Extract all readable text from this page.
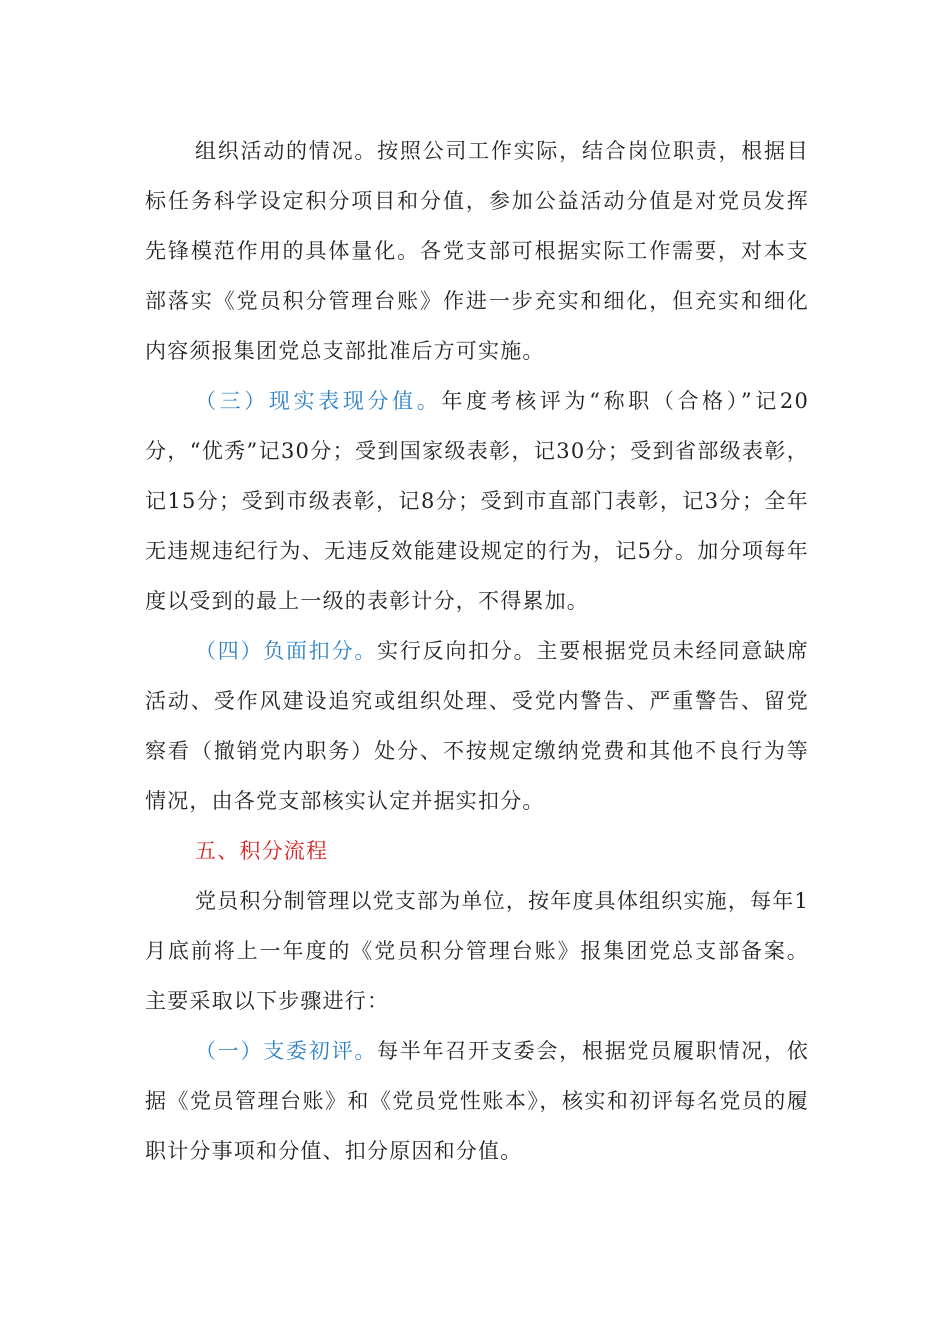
组织活动的情况。按照公司工作实际，结合岗位职责，根据目标任务科学设定积分项目和分值，参加公益活动分值是对党员发挥先锋模范作用的具体量化。各党支部可根据实际工作需要，对本支部落实《党员积分管理台账》作进一步充实和细化，但充实和细化内容须报集团党总支部批准后方可实施。

（三）现实表现分值。年度考核评为“称职（合格）”记20分，“优秀”记30分；受到国家级表彰，记30分；受到省部级表彰，记15分；受到市级表彰，记8分；受到市直部门表彰，记3分；全年无违规违纪行为、无违反效能建设规定的行为，记5分。加分项每年度以受到的最上一级的表彰计分，不得累加。

（四）负面扣分。实行反向扣分。主要根据党员未经同意缺席活动、受作风建设追究或组织处理、受党内警告、严重警告、留党察看（撤销党内职务）处分、不按规定缴纳党费和其他不良行为等情况，由各党支部核实认定并据实扣分。

五、积分流程

党员积分制管理以党支部为单位，按年度具体组织实施，每年1月底前将上一年度的《党员积分管理台账》报集团党总支部备案。主要采取以下步骤进行：

（一）支委初评。每半年召开支委会，根据党员履职情况，依据《党员管理台账》和《党员党性账本》，核实和初评每名党员的履职计分事项和分值、扣分原因和分值。
